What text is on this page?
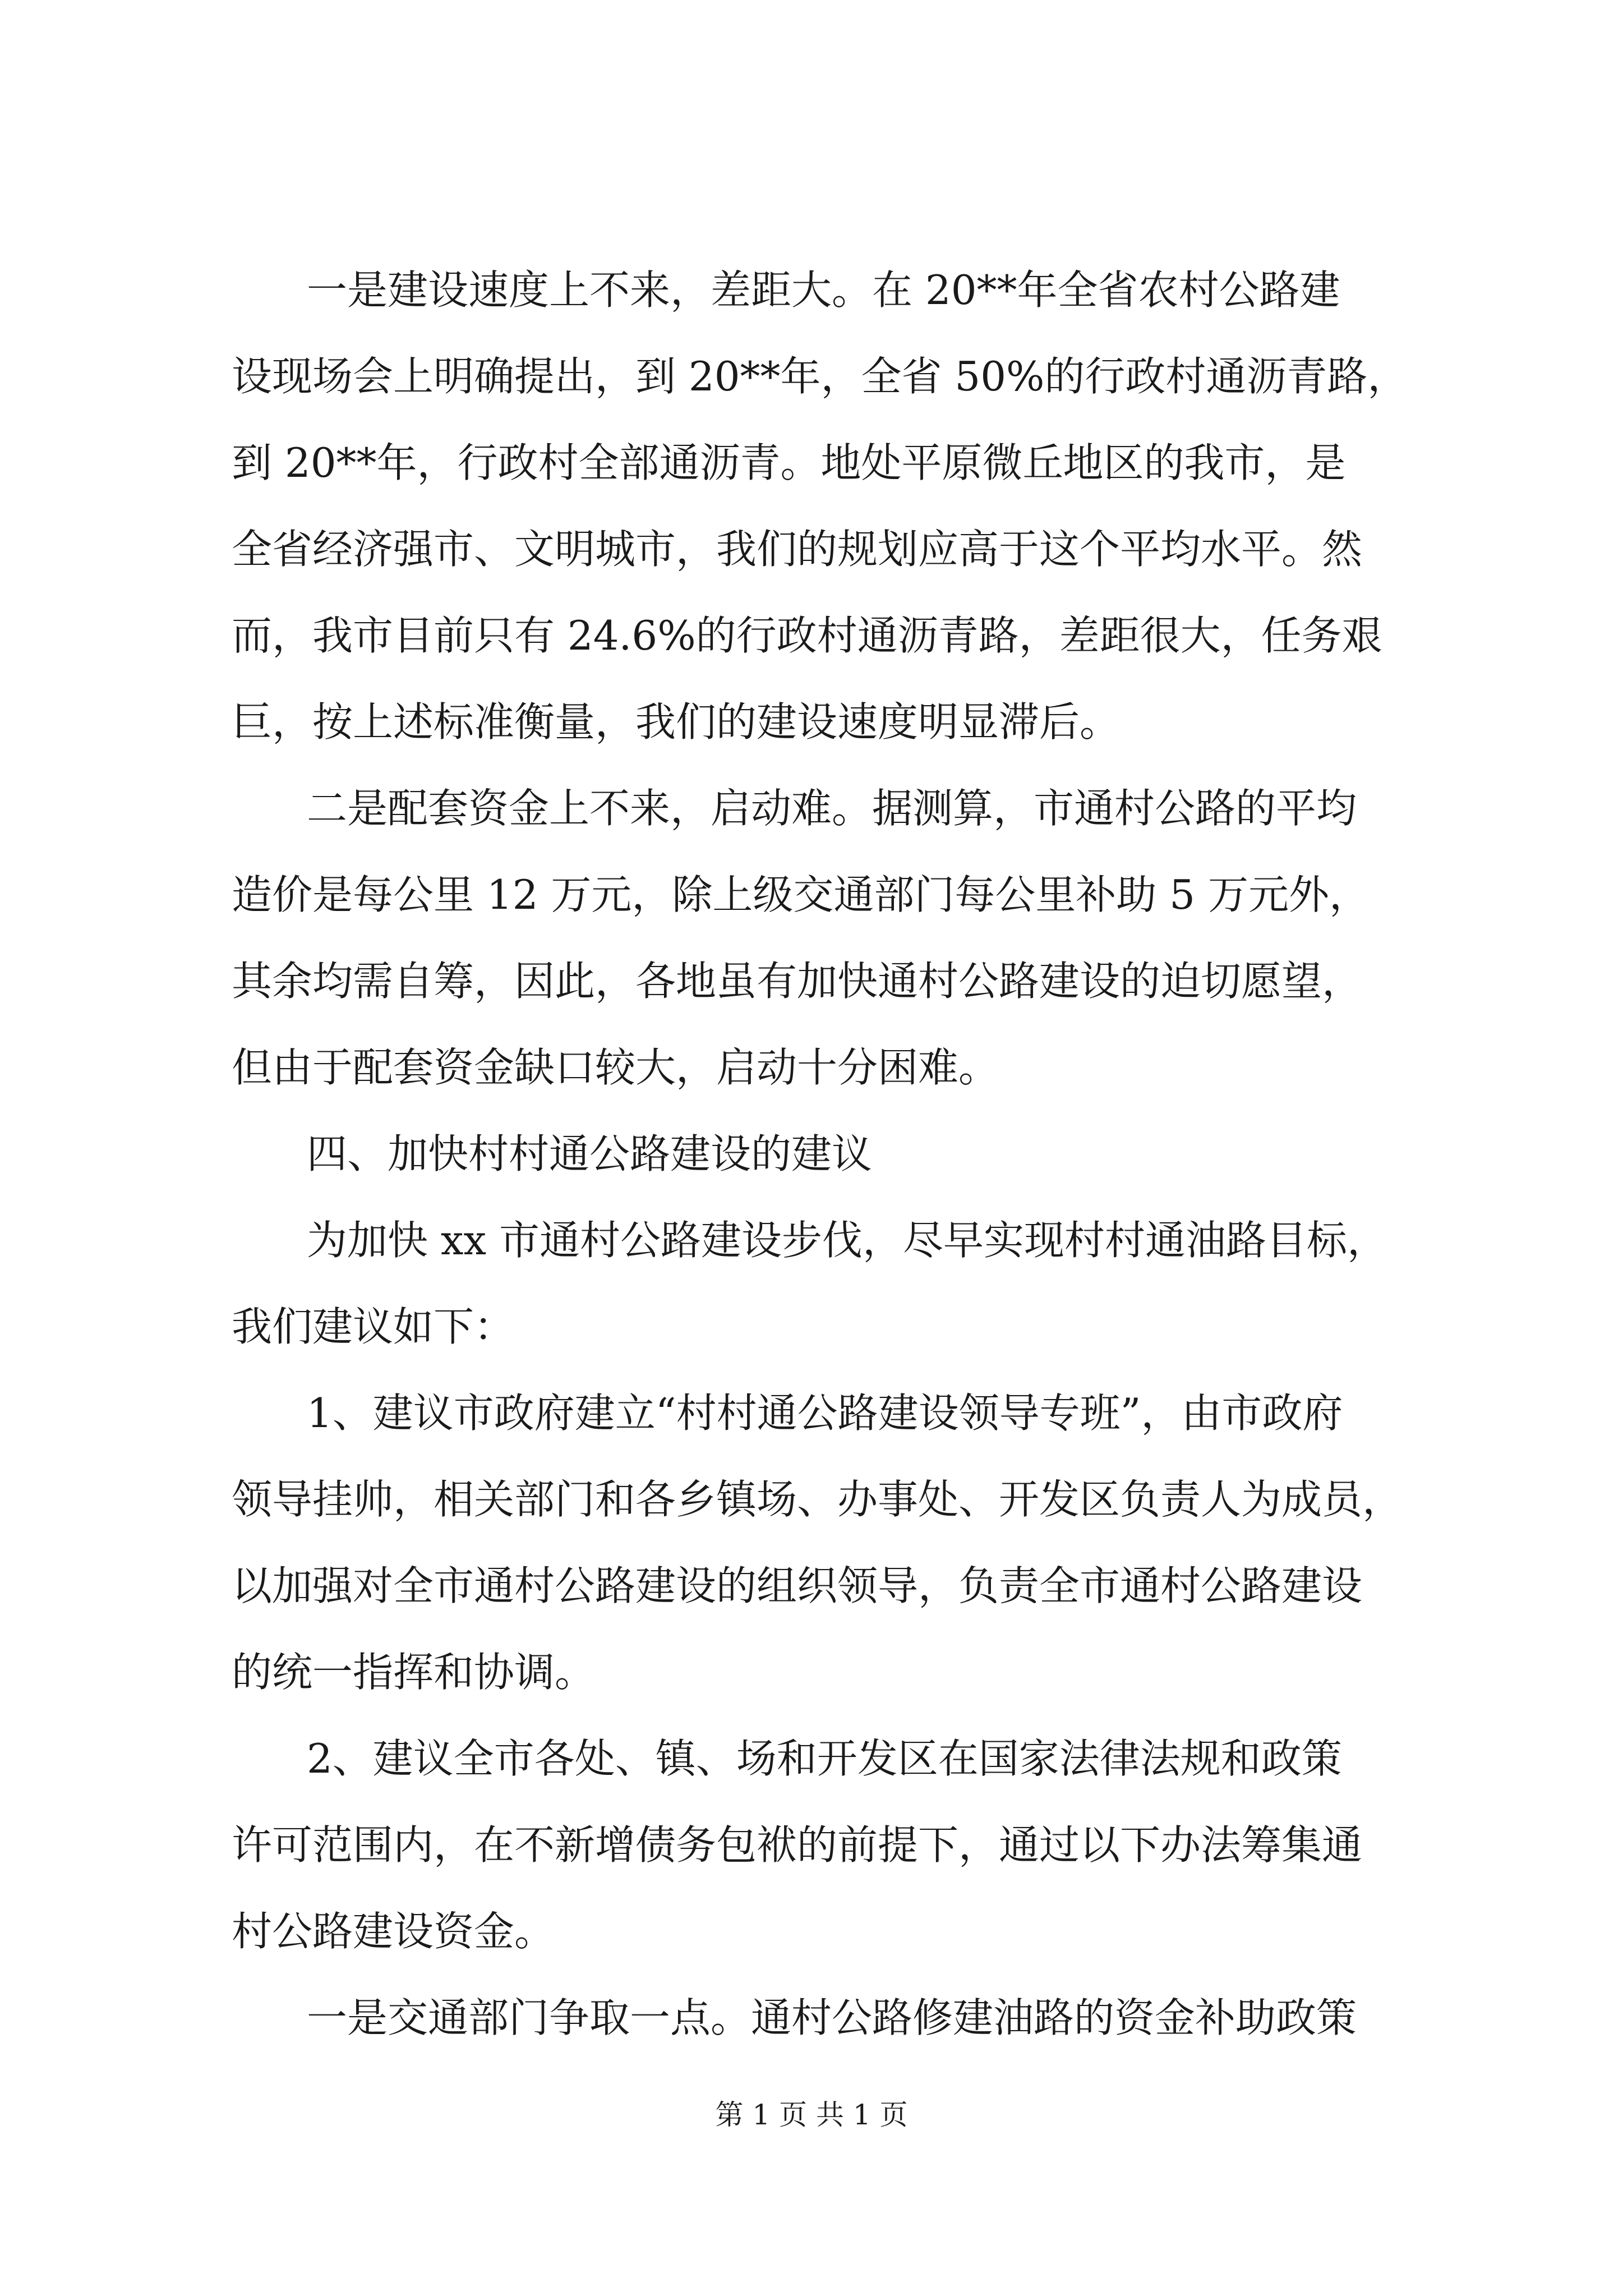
一是建设速度上不来，差距大。在 20**年全省农村公路建
设现场会上明确提出，到 20**年，全省 50%的行政村通沥青路，
到 20**年，行政村全部通沥青。地处平原微丘地区的我市，是
全省经济强市、文明城市，我们的规划应高于这个平均水平。然
而，我市目前只有 24.6%的行政村通沥青路，差距很大，任务艰
巨，按上述标准衡量，我们的建设速度明显滞后。
二是配套资金上不来，启动难。据测算，市通村公路的平均
造价是每公里 12 万元，除上级交通部门每公里补助 5 万元外，
其余均需自筹，因此，各地虽有加快通村公路建设的迫切愿望，
但由于配套资金缺口较大，启动十分困难。
四、加快村村通公路建设的建议
为加快 xx 市通村公路建设步伐，尽早实现村村通油路目标，
我们建议如下：
1、建议市政府建立“村村通公路建设领导专班”，由市政府
领导挂帅，相关部门和各乡镇场、办事处、开发区负责人为成员，
以加强对全市通村公路建设的组织领导，负责全市通村公路建设
的统一指挥和协调。
2、建议全市各处、镇、场和开发区在国家法律法规和政策
许可范围内，在不新增债务包袱的前提下，通过以下办法筹集通
村公路建设资金。
一是交通部门争取一点。通村公路修建油路的资金补助政策
第 1 页 共 1 页
